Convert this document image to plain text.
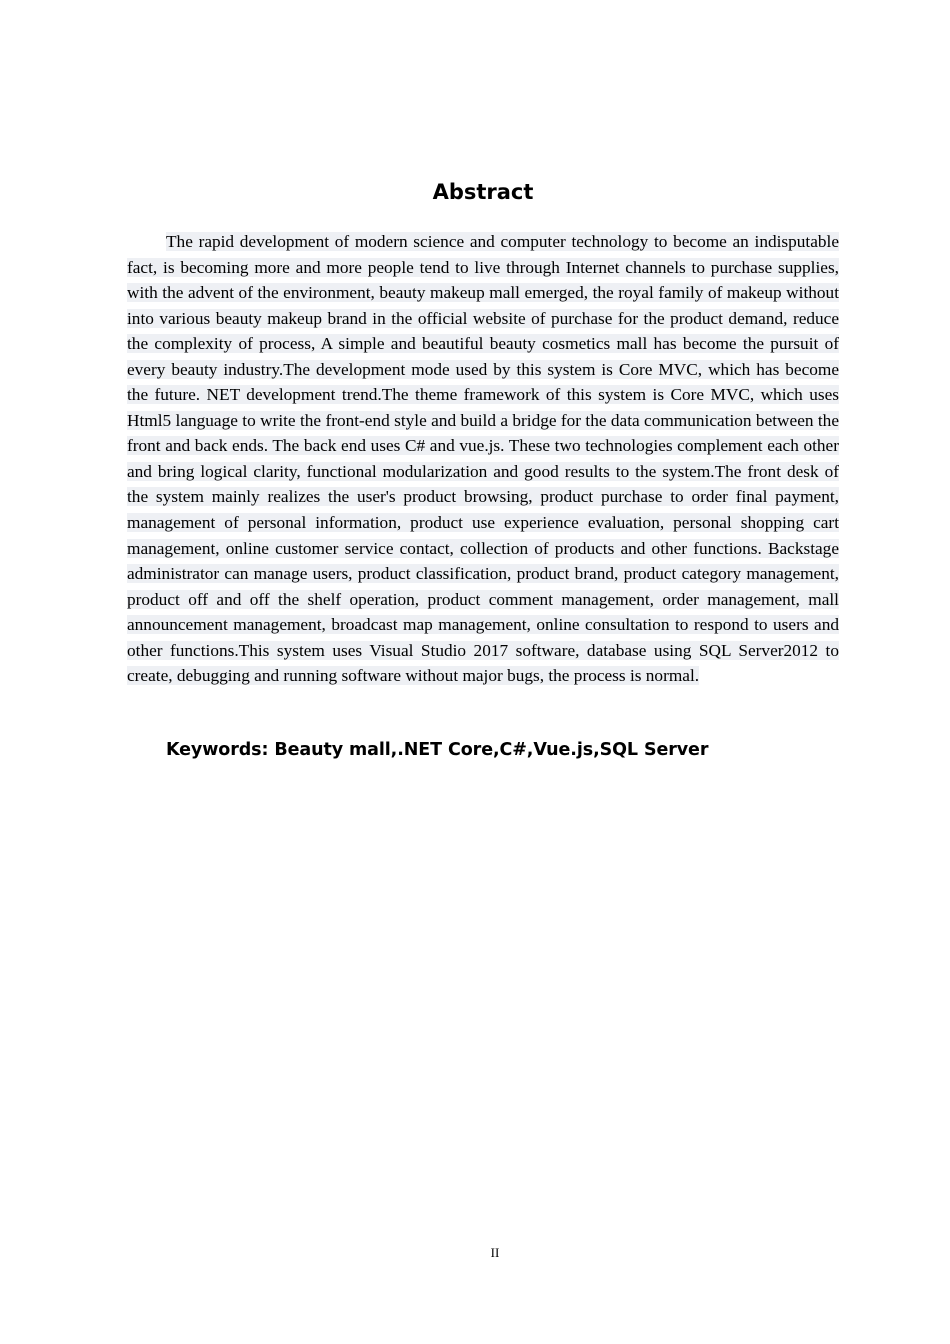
Abstract

The rapid development of modern science and computer technology to become an indisputable fact, is becoming more and more people tend to live through Internet channels to purchase supplies, with the advent of the environment, beauty makeup mall emerged, the royal family of makeup without into various beauty makeup brand in the official website of purchase for the product demand, reduce the complexity of process, A simple and beautiful beauty cosmetics mall has become the pursuit of every beauty industry.The development mode used by this system is Core MVC, which has become the future. NET development trend.The theme framework of this system is Core MVC, which uses Html5 language to write the front-end style and build a bridge for the data communication between the front and back ends. The back end uses C# and vue.js. These two technologies complement each other and bring logical clarity, functional modularization and good results to the system.The front desk of the system mainly realizes the user's product browsing, product purchase to order final payment, management of personal information, product use experience evaluation, personal shopping cart management, online customer service contact, collection of products and other functions. Backstage administrator can manage users, product classification, product brand, product category management, product off and off the shelf operation, product comment management, order management, mall announcement management, broadcast map management, online consultation to respond to users and other functions.This system uses Visual Studio 2017 software, database using SQL Server2012 to create, debugging and running software without major bugs, the process is normal.

Keywords: Beauty mall,.NET Core,C#,Vue.js,SQL Server
II
